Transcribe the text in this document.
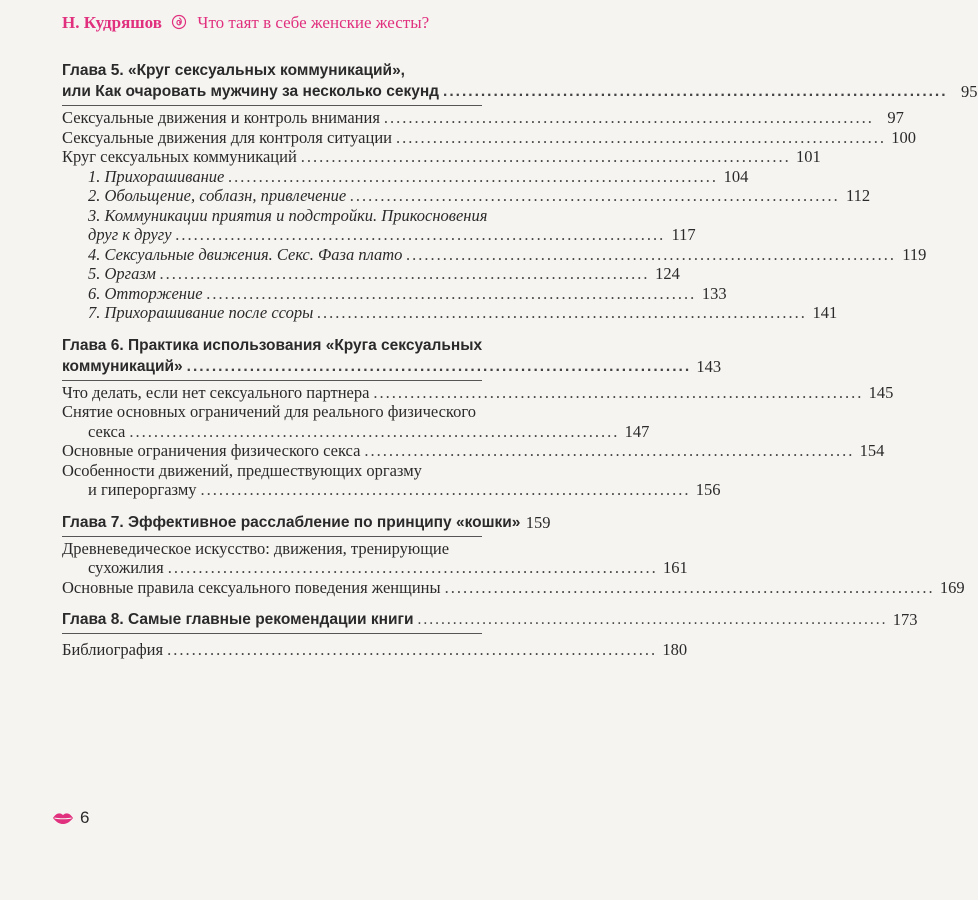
Н. Кудряшов Что таят в себе женские жесты?
Глава 5. «Круг сексуальных коммуникаций»,
или Как очаровать мужчину за несколько секунд ................................................................................ 95
Сексуальные движения и контроль внимания ................................................................................ 97
Сексуальные движения для контроля ситуации ................................................................................ 100
Круг сексуальных коммуникаций ................................................................................ 101
1. Прихорашивание ................................................................................ 104
2. Обольщение, соблазн, привлечение ................................................................................ 112
3. Коммуникации приятия и подстройки. Прикосновения
друг к другу ................................................................................ 117
4. Сексуальные движения. Секс. Фаза плато ................................................................................ 119
5. Оргазм ................................................................................ 124
6. Отторжение ................................................................................ 133
7. Прихорашивание после ссоры ................................................................................ 141
Глава 6. Практика использования «Круга сексуальных
коммуникаций» ................................................................................ 143
Что делать, если нет сексуального партнера ................................................................................ 145
Снятие основных ограничений для реального физического
секса ................................................................................ 147
Основные ограничения физического секса ................................................................................ 154
Особенности движений, предшествующих оргазму
и гипероргазму ................................................................................ 156
Глава 7. Эффективное расслабление по принципу «кошки» 159
Древневедическое искусство: движения, тренирующие
сухожилия ................................................................................ 161
Основные правила сексуального поведения женщины ................................................................................ 169
Глава 8. Самые главные рекомендации книги ................................................................................ 173
Библиография ................................................................................ 180
6
